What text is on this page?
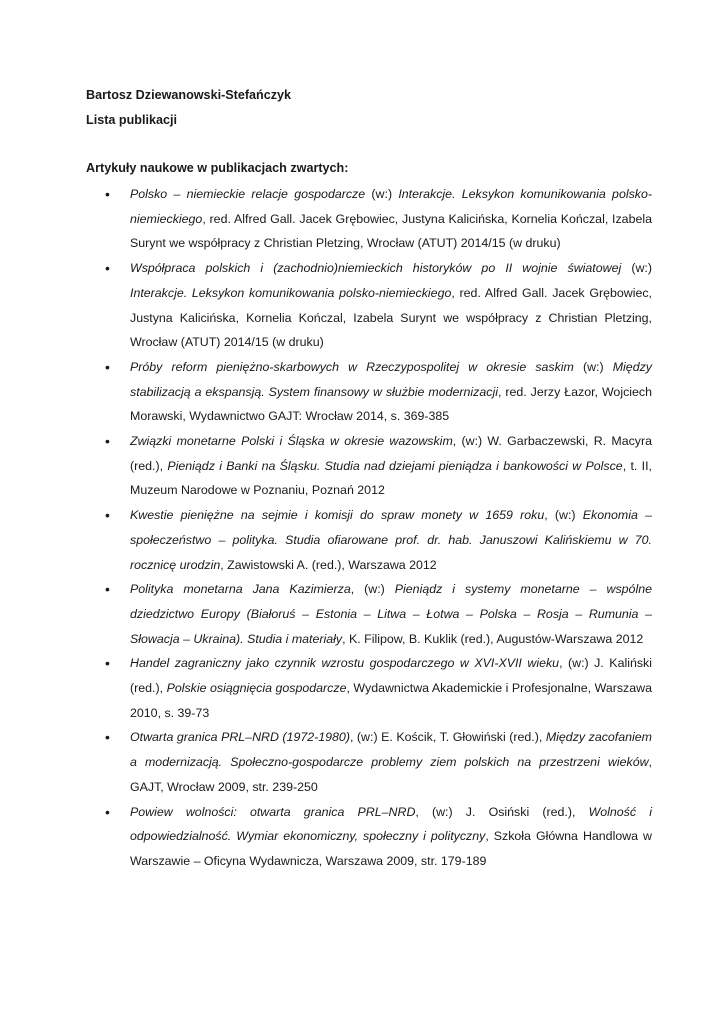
Bartosz Dziewanowski-Stefańczyk
Lista publikacji
Artykuły naukowe w publikacjach zwartych:
• Polsko – niemieckie relacje gospodarcze (w:) Interakcje. Leksykon komunikowania polsko-niemieckiego, red. Alfred Gall. Jacek Grębowiec, Justyna Kalicińska, Kornelia Kończal, Izabela Surynt we współpracy z Christian Pletzing, Wrocław (ATUT) 2014/15 (w druku)
• Współpraca polskich i (zachodnio)niemieckich historyków po II wojnie światowej (w:) Interakcje. Leksykon komunikowania polsko-niemieckiego, red. Alfred Gall. Jacek Grębowiec, Justyna Kalicińska, Kornelia Kończal, Izabela Surynt we współpracy z Christian Pletzing, Wrocław (ATUT) 2014/15 (w druku)
• Próby reform pieniężno-skarbowych w Rzeczypospolitej w okresie saskim (w:) Między stabilizacją a ekspansją. System finansowy w służbie modernizacji, red. Jerzy Łazor, Wojciech Morawski, Wydawnictwo GAJT: Wrocław 2014, s. 369-385
• Związki monetarne Polski i Śląska w okresie wazowskim, (w:) W. Garbaczewski, R. Macyra (red.), Pieniądz i Banki na Śląsku. Studia nad dziejami pieniądza i bankowości w Polsce, t. II, Muzeum Narodowe w Poznaniu, Poznań 2012
• Kwestie pieniężne na sejmie i komisji do spraw monety w 1659 roku, (w:) Ekonomia – społeczeństwo – polityka. Studia ofiarowane prof. dr. hab. Januszowi Kalińskiemu w 70. rocznicę urodzin, Zawistowski A. (red.), Warszawa 2012
• Polityka monetarna Jana Kazimierza, (w:) Pieniądz i systemy monetarne – wspólne dziedzictwo Europy (Białoruś – Estonia – Litwa – Łotwa – Polska – Rosja – Rumunia – Słowacja – Ukraina). Studia i materiały, K. Filipow, B. Kuklik (red.), Augustów-Warszawa 2012
• Handel zagraniczny jako czynnik wzrostu gospodarczego w XVI-XVII wieku, (w:) J. Kaliński (red.), Polskie osiągnięcia gospodarcze, Wydawnictwa Akademickie i Profesjonalne, Warszawa 2010, s. 39-73
• Otwarta granica PRL–NRD (1972-1980), (w:) E. Kościk, T. Głowiński (red.), Między zacofaniem a modernizacją. Społeczno-gospodarcze problemy ziem polskich na przestrzeni wieków, GAJT, Wrocław 2009, str. 239-250
• Powiew wolności: otwarta granica PRL–NRD, (w:) J. Osiński (red.), Wolność i odpowiedzialność. Wymiar ekonomiczny, społeczny i polityczny, Szkoła Główna Handlowa w Warszawie – Oficyna Wydawnicza, Warszawa 2009, str. 179-189
